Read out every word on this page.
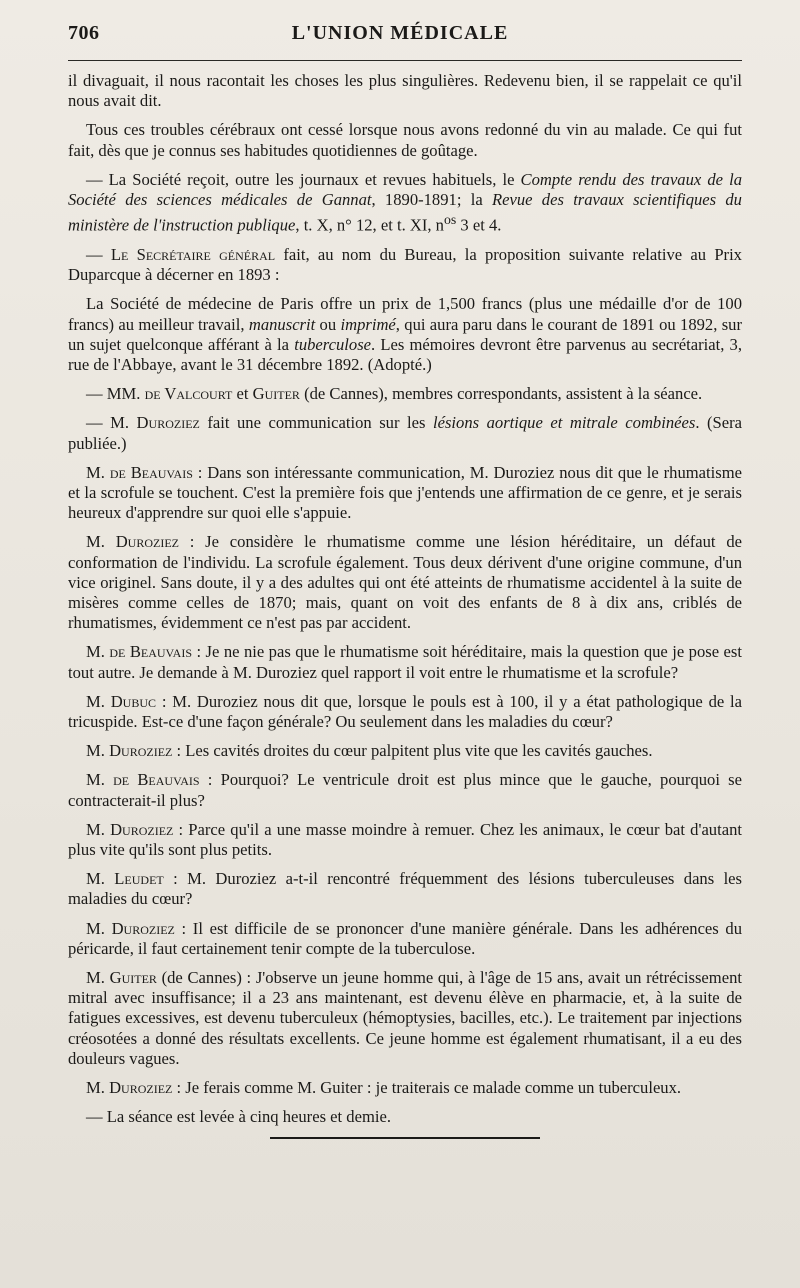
706	L'UNION MÉDICALE

il divaguait, il nous racontait les choses les plus singulières. Redevenu bien, il se rappelait ce qu'il nous avait dit.

Tous ces troubles cérébraux ont cessé lorsque nous avons redonné du vin au malade. Ce qui fut fait, dès que je connus ses habitudes quotidiennes de goûtage.

— La Société reçoit, outre les journaux et revues habituels, le Compte rendu des travaux de la Société des sciences médicales de Gannat, 1890-1891; la Revue des travaux scientifiques du ministère de l'instruction publique, t. X, n° 12, et t. XI, $n^{os}$ 3 et 4.

— Le Secrétaire général fait, au nom du Bureau, la proposition suivante relative au Prix Duparcque à décerner en 1893 :

La Société de médecine de Paris offre un prix de 1,500 francs (plus une médaille d'or de 100 francs) au meilleur travail, manuscrit ou imprimé, qui aura paru dans le courant de 1891 ou 1892, sur un sujet quelconque afférant à la tuberculose. Les mémoires devront être parvenus au secrétariat, 3, rue de l'Abbaye, avant le 31 décembre 1892. (Adopté.)

— MM. de Valcourt et Guiter (de Cannes), membres correspondants, assistent à la séance.

— M. Duroziez fait une communication sur les lésions aortique et mitrale combinées. (Sera publiée.)

M. de Beauvais : Dans son intéressante communication, M. Duroziez nous dit que le rhumatisme et la scrofule se touchent. C'est la première fois que j'entends une affirmation de ce genre, et je serais heureux d'apprendre sur quoi elle s'appuie.

M. Duroziez : Je considère le rhumatisme comme une lésion héréditaire, un défaut de conformation de l'individu. La scrofule également. Tous deux dérivent d'une origine commune, d'un vice originel. Sans doute, il y a des adultes qui ont été atteints de rhumatisme accidentel à la suite de misères comme celles de 1870; mais, quant on voit des enfants de 8 à dix ans, criblés de rhumatismes, évidemment ce n'est pas par accident.

M. de Beauvais : Je ne nie pas que le rhumatisme soit héréditaire, mais la question que je pose est tout autre. Je demande à M. Duroziez quel rapport il voit entre le rhumatisme et la scrofule?

M. Dubuc : M. Duroziez nous dit que, lorsque le pouls est à 100, il y a état pathologique de la tricuspide. Est-ce d'une façon générale? Ou seulement dans les maladies du cœur?

M. Duroziez : Les cavités droites du cœur palpitent plus vite que les cavités gauches.

M. de Beauvais : Pourquoi? Le ventricule droit est plus mince que le gauche, pourquoi se contracterait-il plus?

M. Duroziez : Parce qu'il a une masse moindre à remuer. Chez les animaux, le cœur bat d'autant plus vite qu'ils sont plus petits.

M. Leudet : M. Duroziez a-t-il rencontré fréquemment des lésions tuberculeuses dans les maladies du cœur?

M. Duroziez : Il est difficile de se prononcer d'une manière générale. Dans les adhérences du péricarde, il faut certainement tenir compte de la tuberculose.

M. Guiter (de Cannes) : J'observe un jeune homme qui, à l'âge de 15 ans, avait un rétrécissement mitral avec insuffisance; il a 23 ans maintenant, est devenu élève en pharmacie, et, à la suite de fatigues excessives, est devenu tuberculeux (hémoptysies, bacilles, etc.). Le traitement par injections créosotées a donné des résultats excellents. Ce jeune homme est également rhumatisant, il a eu des douleurs vagues.

M. Duroziez : Je ferais comme M. Guiter : je traiterais ce malade comme un tuberculeux.

— La séance est levée à cinq heures et demie.
